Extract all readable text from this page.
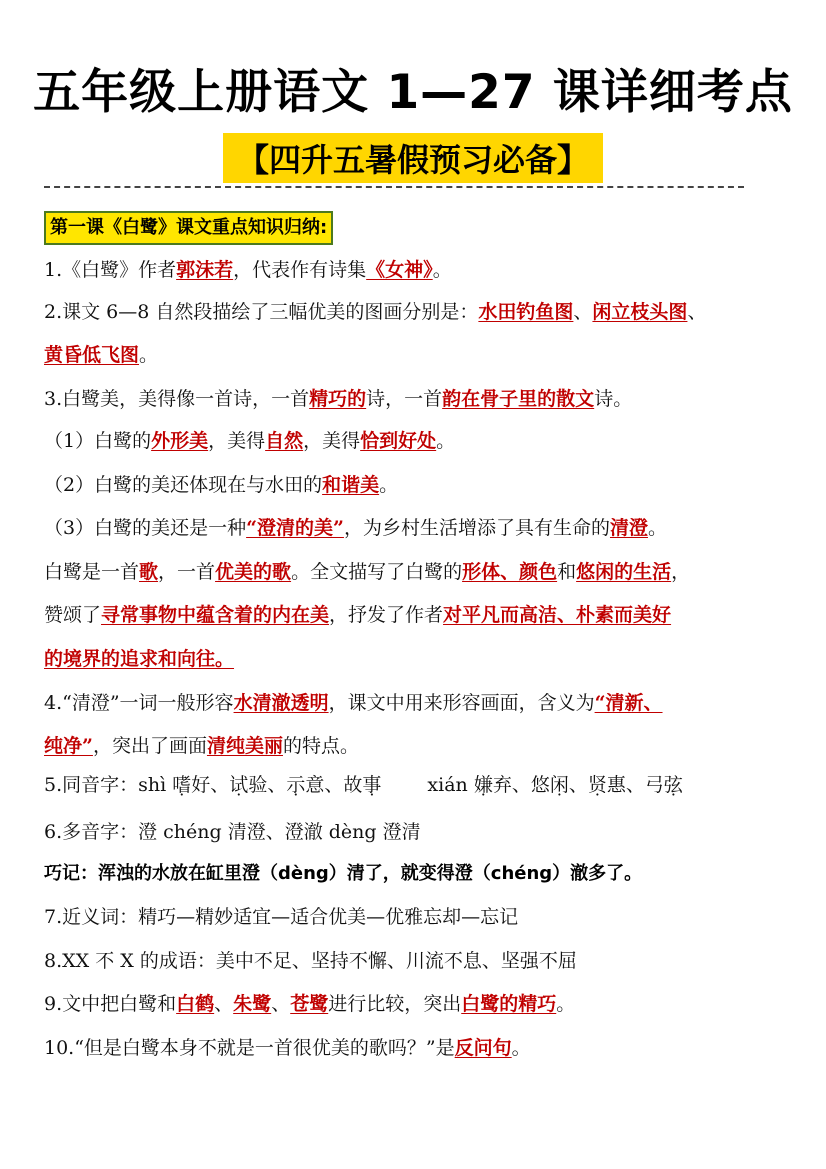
五年级上册语文 1—27 课详细考点
【四升五暑假预习必备】
第一课《白鹭》课文重点知识归纳:
1.《白鹭》作者郭沫若，代表作有诗集《女神》。
2.课文 6—8 自然段描绘了三幅优美的图画分别是：水田钓鱼图、闲立枝头图、
黄昏低飞图。
3.白鹭美，美得像一首诗，一首精巧的诗，一首韵在骨子里的散文诗。
（1）白鹭的外形美，美得自然，美得恰到好处。
（2）白鹭的美还体现在与水田的和谐美。
（3）白鹭的美还是一种“澄清的美”，为乡村生活增添了具有生命的清澄。
白鹭是一首歌，一首优美的歌。全文描写了白鹭的形体、颜色和悠闲的生活，
赞颂了寻常事物中蕴含着的内在美，抒发了作者对平凡而高洁、朴素而美好
的境界的追求和向往。
4.“清澄”一词一般形容水清澈透明，课文中用来形容画面，含义为“清新、
纯净”，突出了画面清纯美丽的特点。
5.同音字：shì 嗜好、试验、示意、故事 xián 嫌弃、悠闲、贤惠、弓弦
6.多音字：澄 chéng 清澄、澄澈 dèng 澄清
巧记：浑浊的水放在缸里澄（dèng）清了，就变得澄（chéng）澈多了。
7.近义词：精巧—精妙适宜—适合优美—优雅忘却—忘记
8.XX 不 X 的成语：美中不足、坚持不懈、川流不息、坚强不屈
9.文中把白鹭和白鹤、朱鹭、苍鹭进行比较，突出白鹭的精巧。
10.“但是白鹭本身不就是一首很优美的歌吗？”是反问句。
